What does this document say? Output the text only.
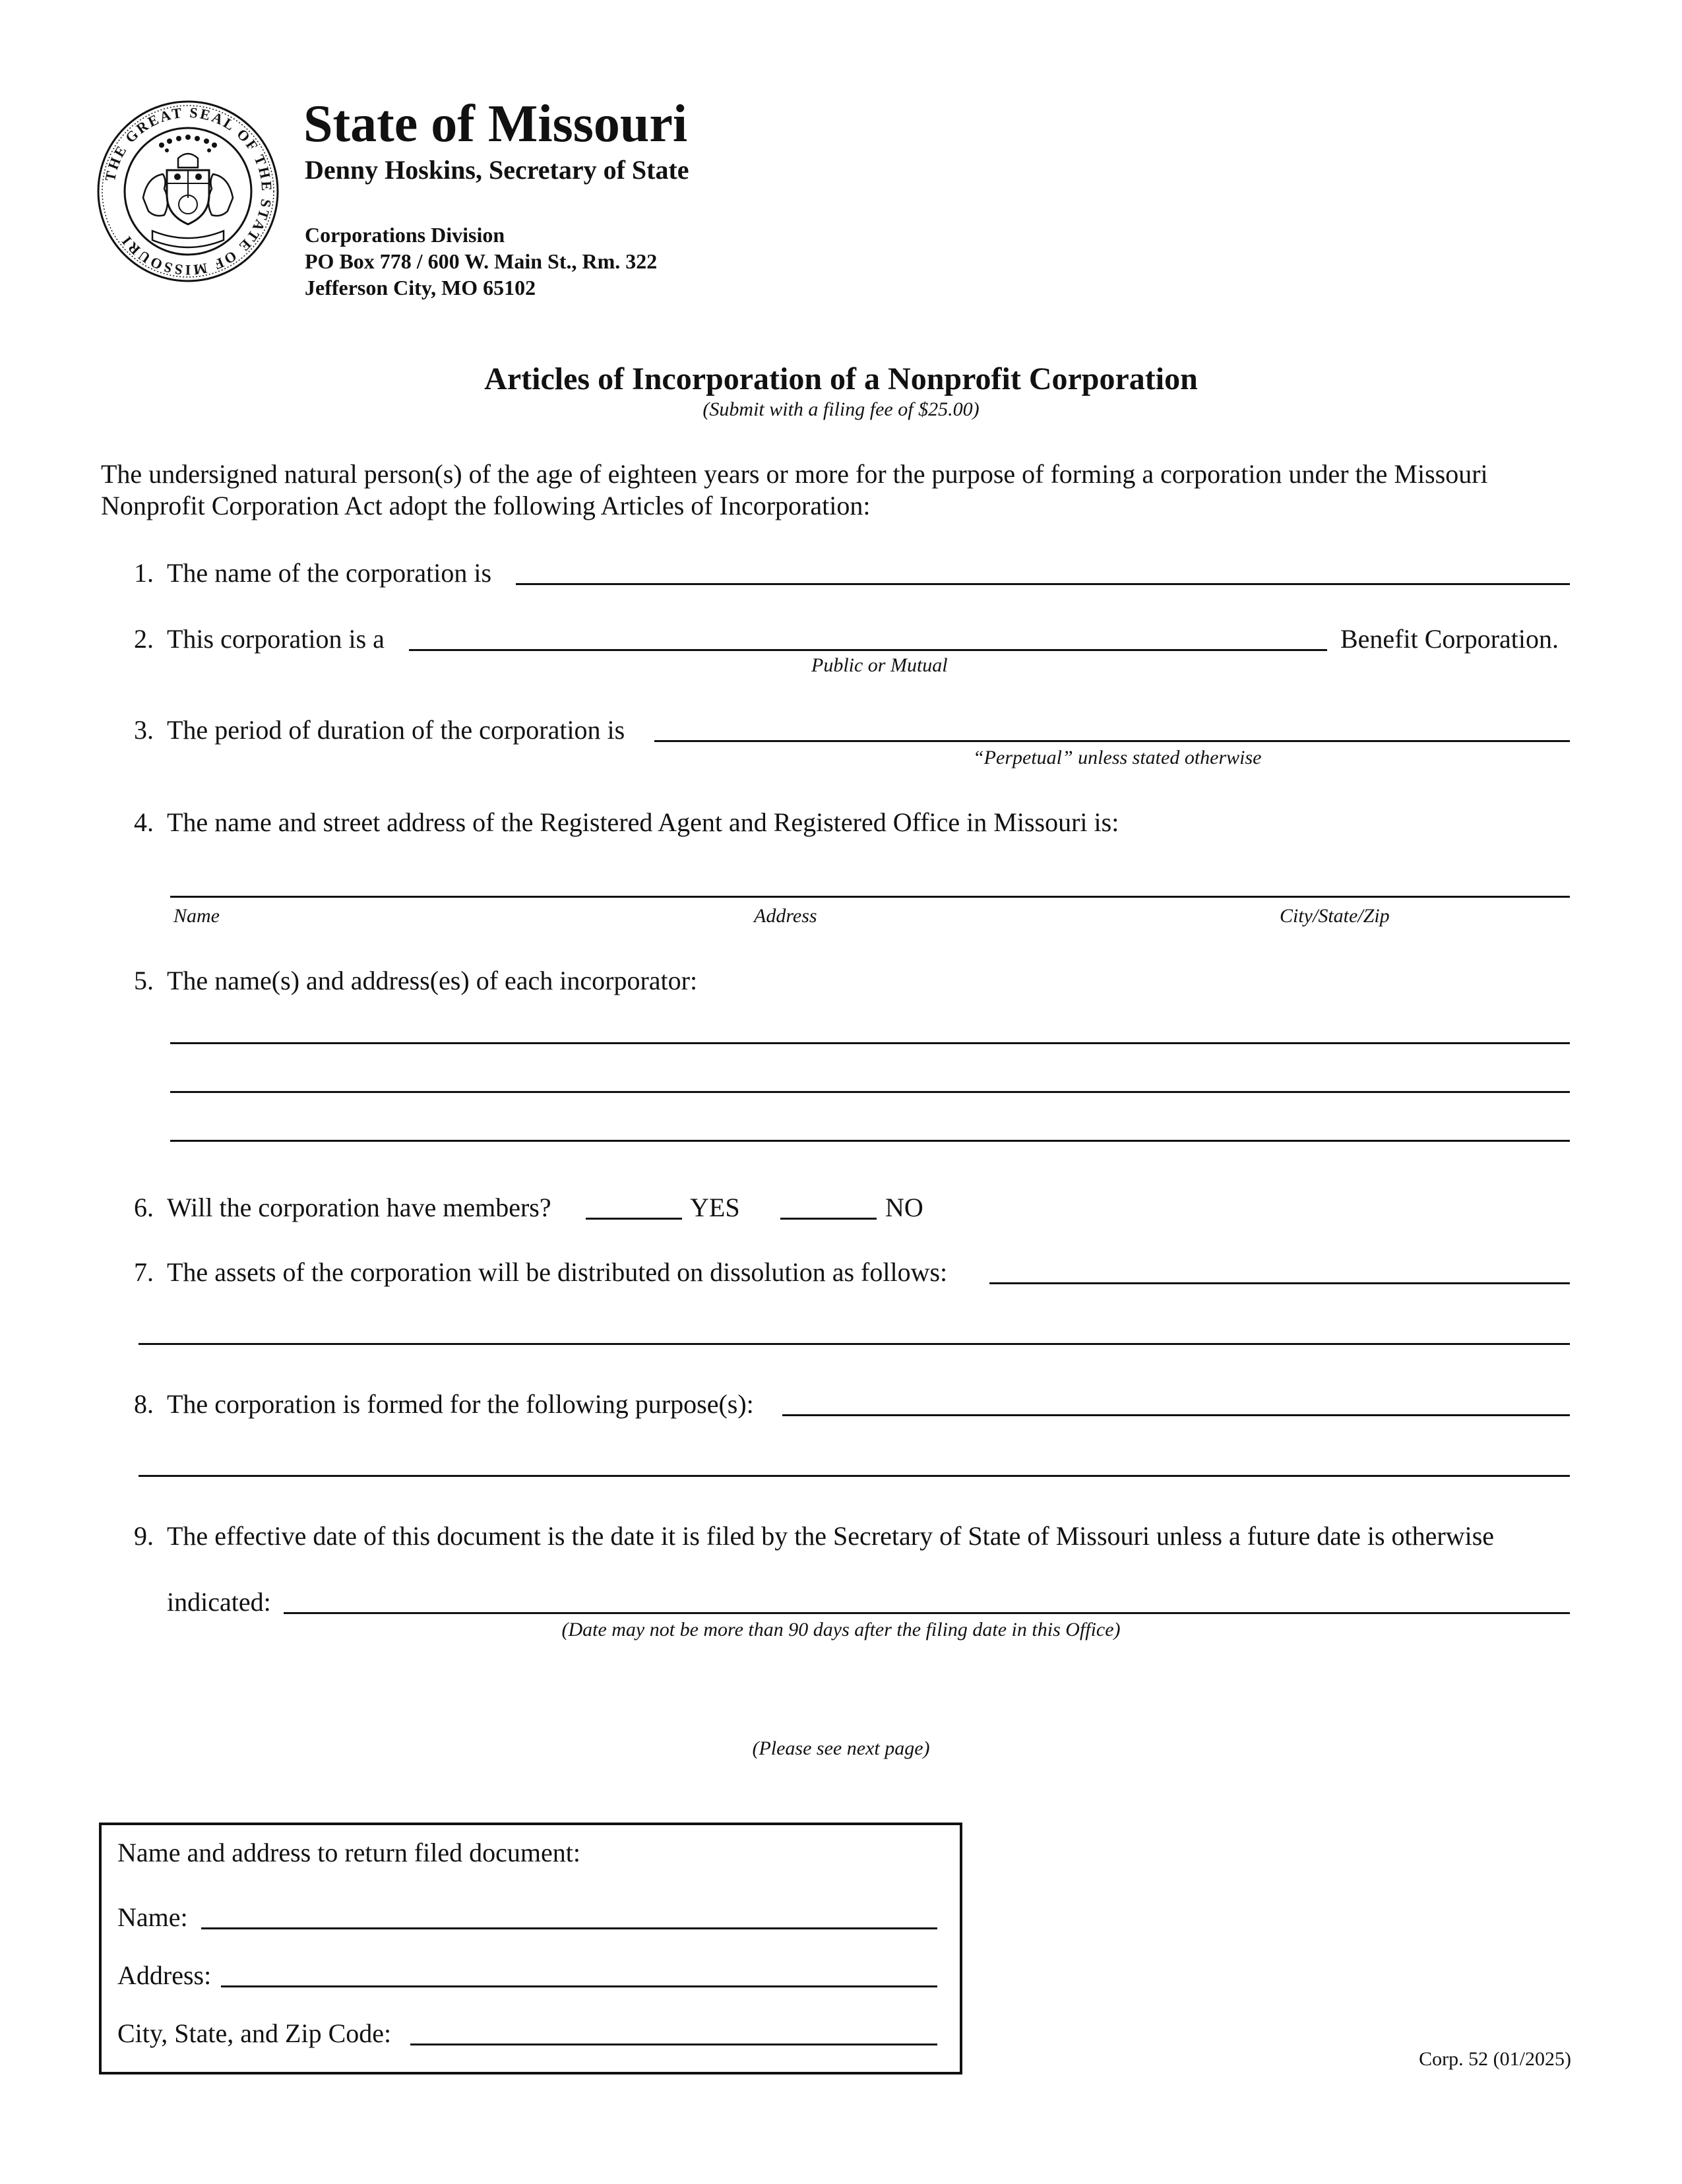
THE GREAT SEAL OF THE STATE OF MISSOURI
State of Missouri
Denny Hoskins, Secretary of State
Corporations Division
PO Box 778 / 600 W. Main St., Rm. 322
Jefferson City, MO 65102
Articles of Incorporation of a Nonprofit Corporation
(Submit with a filing fee of $25.00)
The undersigned natural person(s) of the age of eighteen years or more for the purpose of forming a corporation under the Missouri Nonprofit Corporation Act adopt the following Articles of Incorporation:
1. The name of the corporation is
2. This corporation is a	Benefit Corporation.
Public or Mutual
3. The period of duration of the corporation is
“Perpetual” unless stated otherwise
4. The name and street address of the Registered Agent and Registered Office in Missouri is:
Name	Address	City/State/Zip
5. The name(s) and address(es) of each incorporator:
6. Will the corporation have members?	YES	NO
7. The assets of the corporation will be distributed on dissolution as follows:
8. The corporation is formed for the following purpose(s):
9. The effective date of this document is the date it is filed by the Secretary of State of Missouri unless a future date is otherwise
indicated:
(Date may not be more than 90 days after the filing date in this Office)
(Please see next page)
Name and address to return filed document:
Name:
Address:
City, State, and Zip Code:
Corp. 52 (01/2025)
